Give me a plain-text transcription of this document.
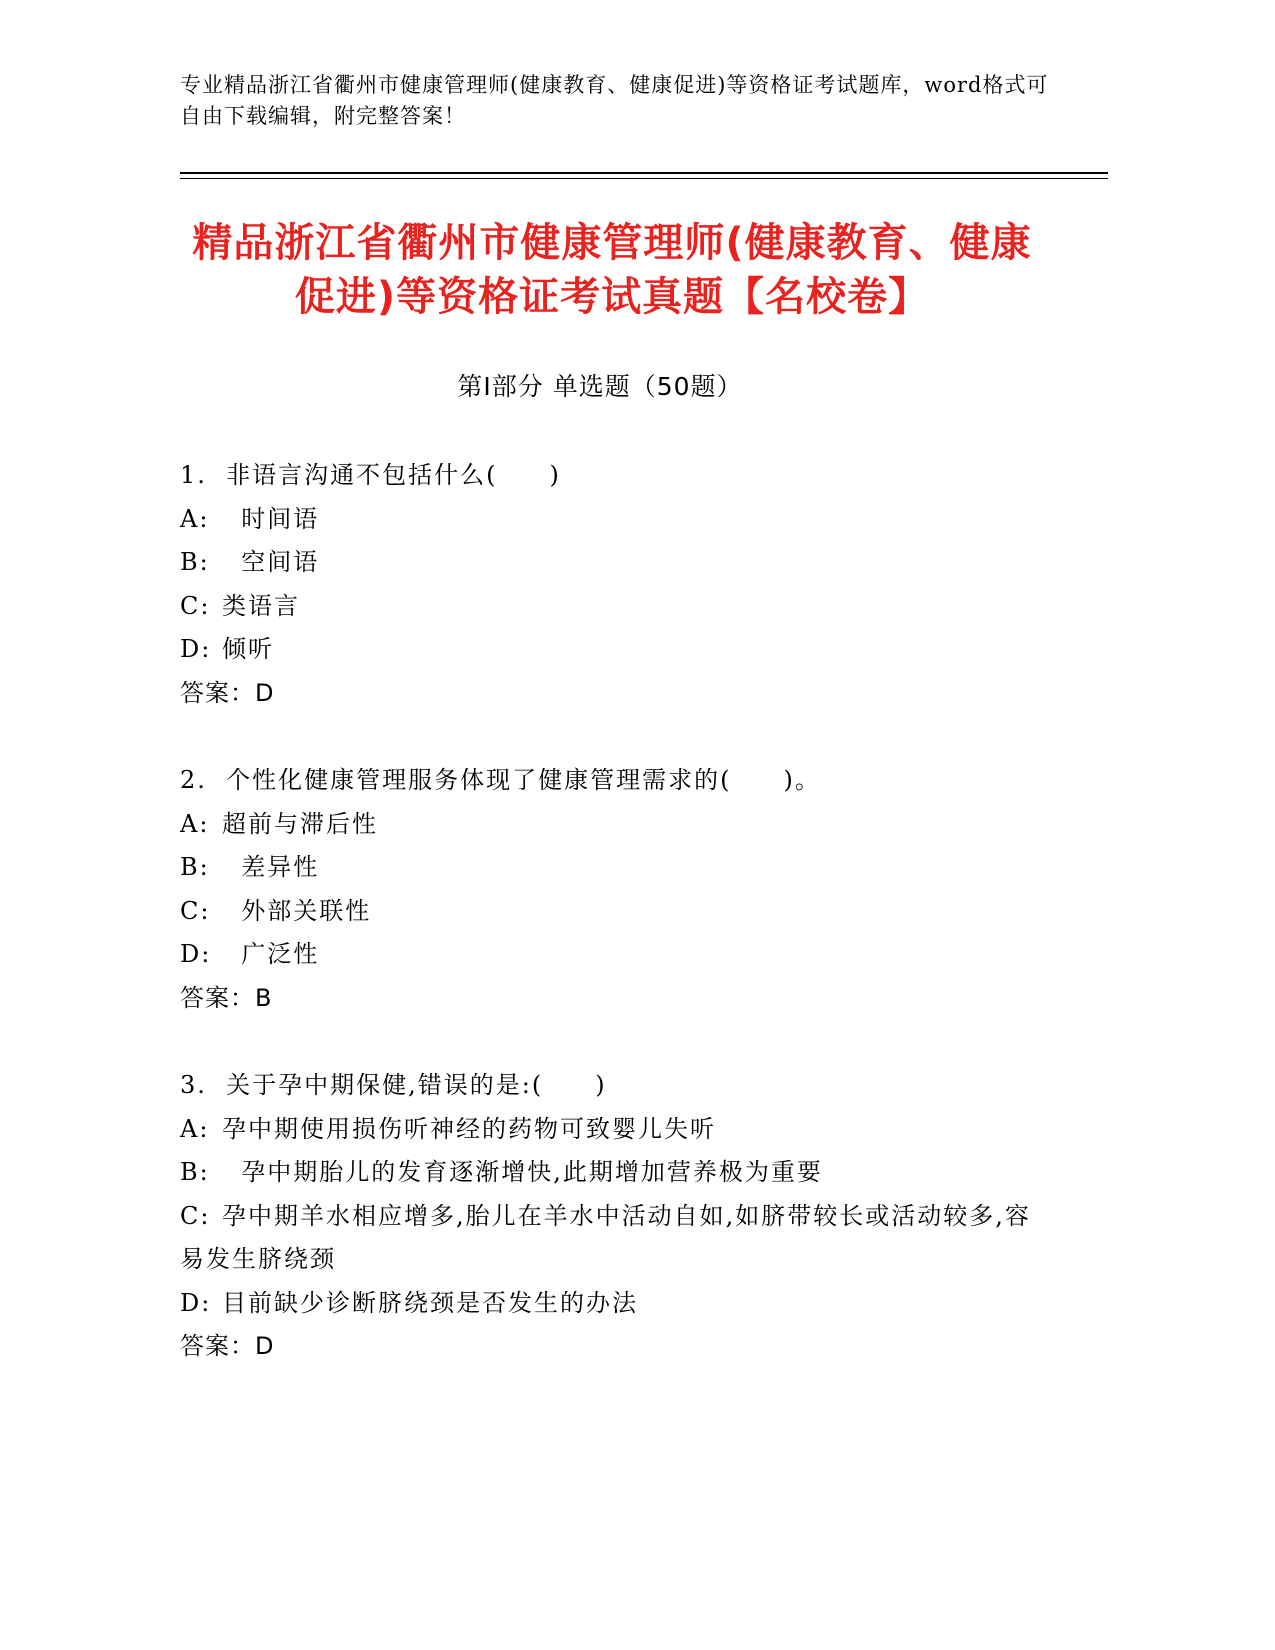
专业精品浙江省衢州市健康管理师(健康教育、健康促进)等资格证考试题库，word格式可自由下载编辑，附完整答案！
精品浙江省衢州市健康管理师(健康教育、健康促进)等资格证考试真题【名校卷】
第Ⅰ部分 单选题（50题）

1. 非语言沟通不包括什么(　　)

A:  时间语

B:  空间语

C: 类语言

D: 倾听

答案：D

2. 个性化健康管理服务体现了健康管理需求的(　　)。

A: 超前与滞后性

B:  差异性

C:  外部关联性

D:  广泛性

答案：B

3. 关于孕中期保健,错误的是:(　　)

A: 孕中期使用损伤听神经的药物可致婴儿失听

B:  孕中期胎儿的发育逐渐增快,此期增加营养极为重要

C: 孕中期羊水相应增多,胎儿在羊水中活动自如,如脐带较长或活动较多,容易发生脐绕颈

D: 目前缺少诊断脐绕颈是否发生的办法

答案：D
